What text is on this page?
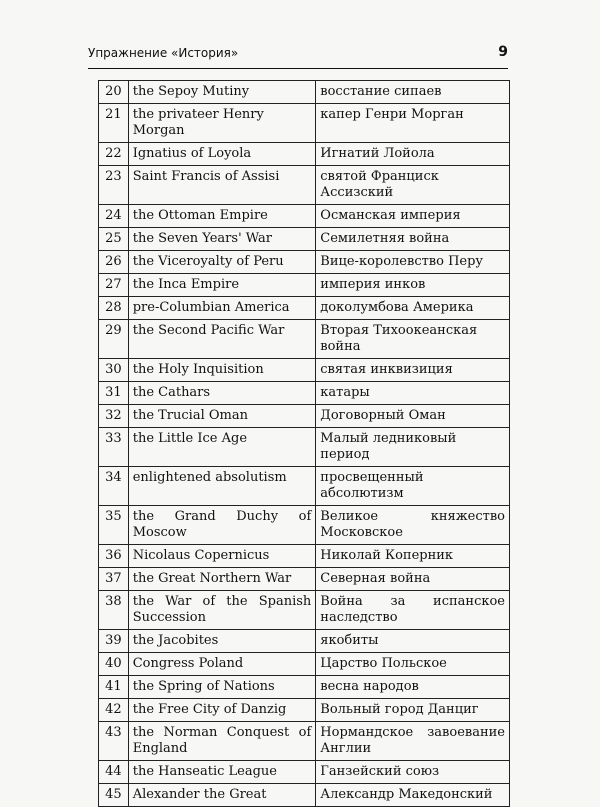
Упражнение «История»	9
20	the Sepoy Mutiny	восстание сипаев
21	the privateer Henry Morgan	капер Генри Морган
22	Ignatius of Loyola	Игнатий Лойола
23	Saint Francis of Assisi	святой Франциск Ассизский
24	the Ottoman Empire	Османская империя
25	the Seven Years' War	Семилетняя война
26	the Viceroyalty of Peru	Вице-королевство Перу
27	the Inca Empire	империя инков
28	pre-Columbian America	доколумбова Америка
29	the Second Pacific War	Вторая Тихоокеанская война
30	the Holy Inquisition	святая инквизиция
31	the Cathars	катары
32	the Trucial Oman	Договорный Оман
33	the Little Ice Age	Малый ледниковый период
34	enlightened absolutism	просвещенный абсолютизм
35	the Grand Duchy of Moscow	Великое княжество Московское
36	Nicolaus Copernicus	Николай Коперник
37	the Great Northern War	Северная война
38	the War of the Spanish Succession	Война за испанское наследство
39	the Jacobites	якобиты
40	Congress Poland	Царство Польское
41	the Spring of Nations	весна народов
42	the Free City of Danzig	Вольный город Данциг
43	the Norman Conquest of England	Нормандское завоевание Англии
44	the Hanseatic League	Ганзейский союз
45	Alexander the Great	Александр Македонский
